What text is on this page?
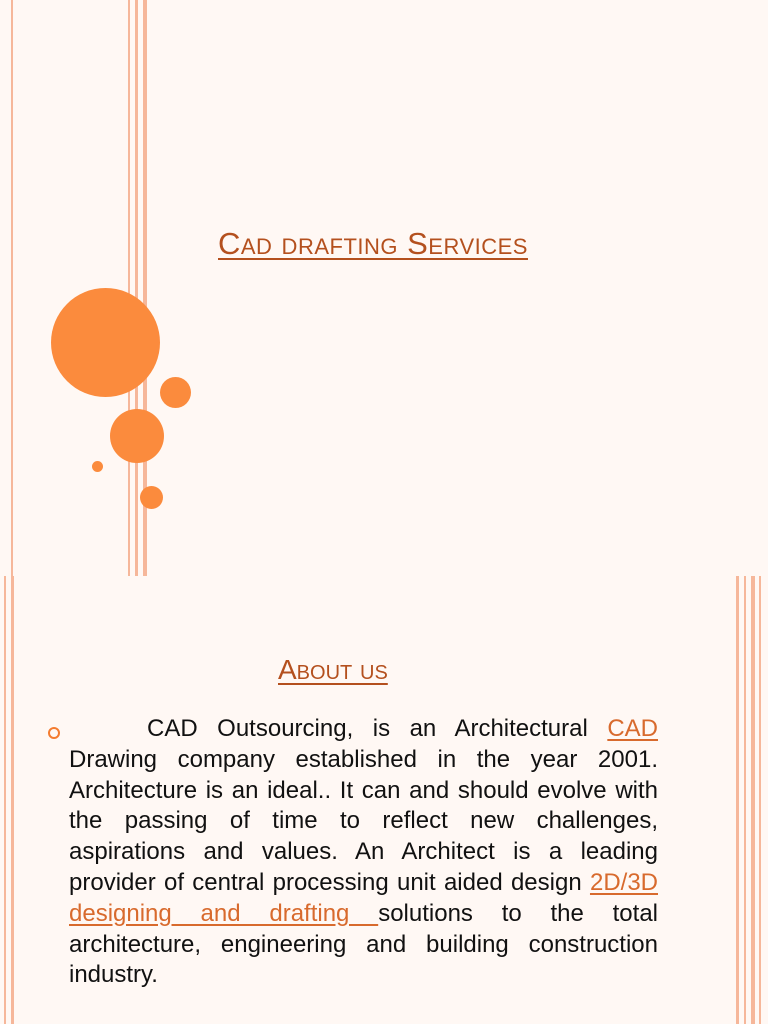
Cad drafting Services
About us
CAD Outsourcing, is an Architectural CAD Drawing company established in the year 2001. Architecture is an ideal.. It can and should evolve with the passing of time to reflect new challenges, aspirations and values. An Architect is a leading provider of central processing unit aided design 2D/3D designing and drafting solutions to the total architecture, engineering and building construction industry.
